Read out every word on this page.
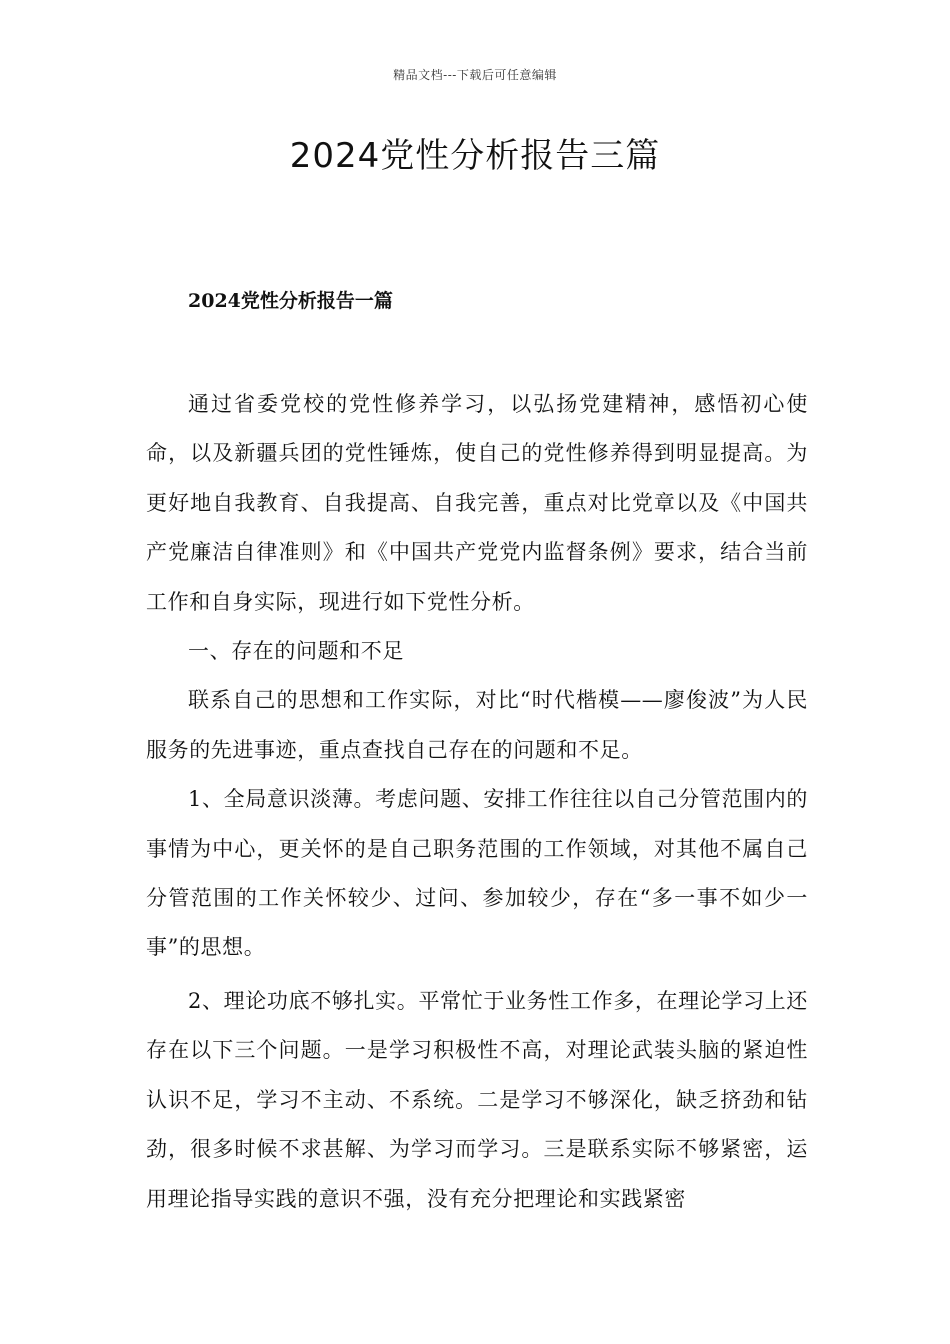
精品文档---下载后可任意编辑
2024党性分析报告三篇
2024党性分析报告一篇

通过省委党校的党性修养学习，以弘扬党建精神，感悟初心使命，以及新疆兵团的党性锤炼，使自己的党性修养得到明显提高。为更好地自我教育、自我提高、自我完善，重点对比党章以及《中国共产党廉洁自律准则》和《中国共产党党内监督条例》要求，结合当前工作和自身实际，现进行如下党性分析。

一、存在的问题和不足

联系自己的思想和工作实际，对比“时代楷模——廖俊波”为人民服务的先进事迹，重点查找自己存在的问题和不足。

1、全局意识淡薄。考虑问题、安排工作往往以自己分管范围内的事情为中心，更关怀的是自己职务范围的工作领域，对其他不属自己分管范围的工作关怀较少、过问、参加较少，存在“多一事不如少一事”的思想。

2、理论功底不够扎实。平常忙于业务性工作多，在理论学习上还存在以下三个问题。一是学习积极性不高，对理论武装头脑的紧迫性认识不足，学习不主动、不系统。二是学习不够深化，缺乏挤劲和钻劲，很多时候不求甚解、为学习而学习。三是联系实际不够紧密，运用理论指导实践的意识不强，没有充分把理论和实践紧密
